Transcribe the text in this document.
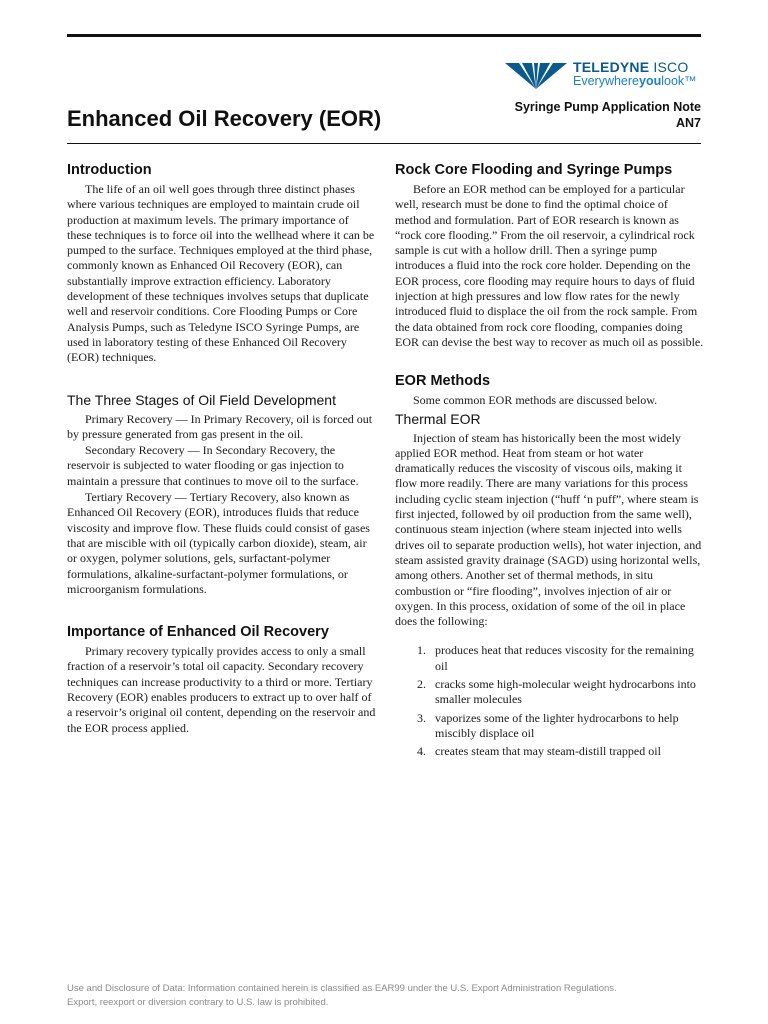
TELEDYNE ISCO
Everywhereyoulook™
Enhanced Oil Recovery (EOR)	Syringe Pump Application Note
AN7
Introduction

The life of an oil well goes through three distinct phases where various techniques are employed to maintain crude oil production at maximum levels. The primary importance of these techniques is to force oil into the wellhead where it can be pumped to the surface. Techniques employed at the third phase, commonly known as Enhanced Oil Recovery (EOR), can substantially improve extraction efficiency. Laboratory development of these techniques involves setups that duplicate well and reservoir conditions. Core Flooding Pumps or Core Analysis Pumps, such as Teledyne ISCO Syringe Pumps, are used in laboratory testing of these Enhanced Oil Recovery (EOR) techniques.

The Three Stages of Oil Field Development

Primary Recovery — In Primary Recovery, oil is forced out by pressure generated from gas present in the oil.

Secondary Recovery — In Secondary Recovery, the reservoir is subjected to water flooding or gas injection to maintain a pressure that continues to move oil to the surface.

Tertiary Recovery — Tertiary Recovery, also known as Enhanced Oil Recovery (EOR), introduces fluids that reduce viscosity and improve flow. These fluids could consist of gases that are miscible with oil (typically carbon dioxide), steam, air or oxygen, polymer solutions, gels, surfactant-polymer formulations, alkaline-surfactant-polymer formulations, or microorganism formulations.

Importance of Enhanced Oil Recovery

Primary recovery typically provides access to only a small fraction of a reservoir’s total oil capacity. Secondary recovery techniques can increase productivity to a third or more. Tertiary Recovery (EOR) enables producers to extract up to over half of a reservoir’s original oil content, depending on the reservoir and the EOR process applied.

Rock Core Flooding and Syringe Pumps

Before an EOR method can be employed for a particular well, research must be done to find the optimal choice of method and formulation. Part of EOR research is known as “rock core flooding.” From the oil reservoir, a cylindrical rock sample is cut with a hollow drill. Then a syringe pump introduces a fluid into the rock core holder. Depending on the EOR process, core flooding may require hours to days of fluid injection at high pressures and low flow rates for the newly introduced fluid to displace the oil from the rock sample. From the data obtained from rock core flooding, companies doing EOR can devise the best way to recover as much oil as possible.

EOR Methods

Some common EOR methods are discussed below.

Thermal EOR

Injection of steam has historically been the most widely applied EOR method. Heat from steam or hot water dramatically reduces the viscosity of viscous oils, making it flow more readily. There are many variations for this process including cyclic steam injection (“huff ‘n puff”, where steam is first injected, followed by oil production from the same well), continuous steam injection (where steam injected into wells drives oil to separate production wells), hot water injection, and steam assisted gravity drainage (SAGD) using horizontal wells, among others. Another set of thermal methods, in situ combustion or “fire flooding”, involves injection of air or oxygen. In this process, oxidation of some of the oil in place does the following:

1. produces heat that reduces viscosity for the remaining oil
2. cracks some high-molecular weight hydrocarbons into smaller molecules
3. vaporizes some of the lighter hydrocarbons to help miscibly displace oil
4. creates steam that may steam-distill trapped oil
Use and Disclosure of Data: Information contained herein is classified as EAR99 under the U.S. Export Administration Regulations.
Export, reexport or diversion contrary to U.S. law is prohibited.
